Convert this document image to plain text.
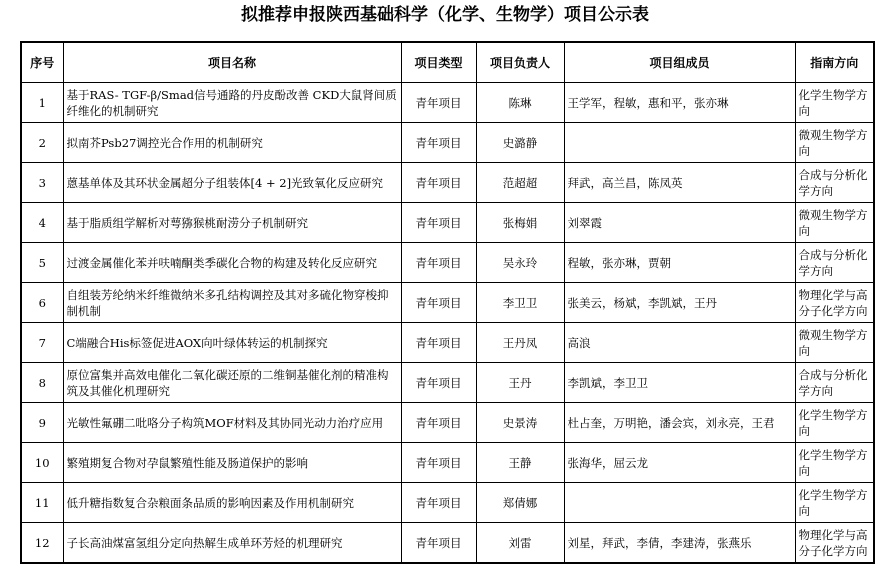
拟推荐申报陕西基础科学（化学、生物学）项目公示表
序号	项目名称	项目类型	项目负责人	项目组成员	指南方向
1	基于RAS- TGF-β/Smad信号通路的丹皮酚改善 CKD大鼠肾间质纤维化的机制研究	青年项目	陈琳	王学军，程敏，惠和平，张亦琳	化学生物学方向
2	拟南芥Psb27调控光合作用的机制研究	青年项目	史潞静		微观生物学方向
3	蒽基单体及其环状金属超分子组装体[4 + 2]光致氧化反应研究	青年项目	范超超	拜武，高兰昌，陈凤英	合成与分析化学方向
4	基于脂质组学解析对萼猕猴桃耐涝分子机制研究	青年项目	张梅娟	刘翠霞	微观生物学方向
5	过渡金属催化苯并呋喃酮类季碳化合物的构建及转化反应研究	青年项目	吴永玲	程敏，张亦琳，贾朝	合成与分析化学方向
6	自组装芳纶纳米纤维微纳米多孔结构调控及其对多硫化物穿梭抑制机制	青年项目	李卫卫	张美云，杨斌，李凯斌，王丹	物理化学与高分子化学方向
7	C端融合His标签促进AOX向叶绿体转运的机制探究	青年项目	王丹凤	高浪	微观生物学方向
8	原位富集并高效电催化二氧化碳还原的二维铜基催化剂的精准构筑及其催化机理研究	青年项目	王丹	李凯斌，李卫卫	合成与分析化学方向
9	光敏性氟硼二吡咯分子构筑MOF材料及其协同光动力治疗应用	青年项目	史景涛	杜占奎，万明艳，潘会宾，刘永亮，王君	化学生物学方向
10	繁殖期复合物对孕鼠繁殖性能及肠道保护的影响	青年项目	王静	张海华，屈云龙	化学生物学方向
11	低升糖指数复合杂粮面条品质的影响因素及作用机制研究	青年项目	郑倩娜		化学生物学方向
12	子长高油煤富氢组分定向热解生成单环芳烃的机理研究	青年项目	刘雷	刘星，拜武，李倩，李建涛，张燕乐	物理化学与高分子化学方向
